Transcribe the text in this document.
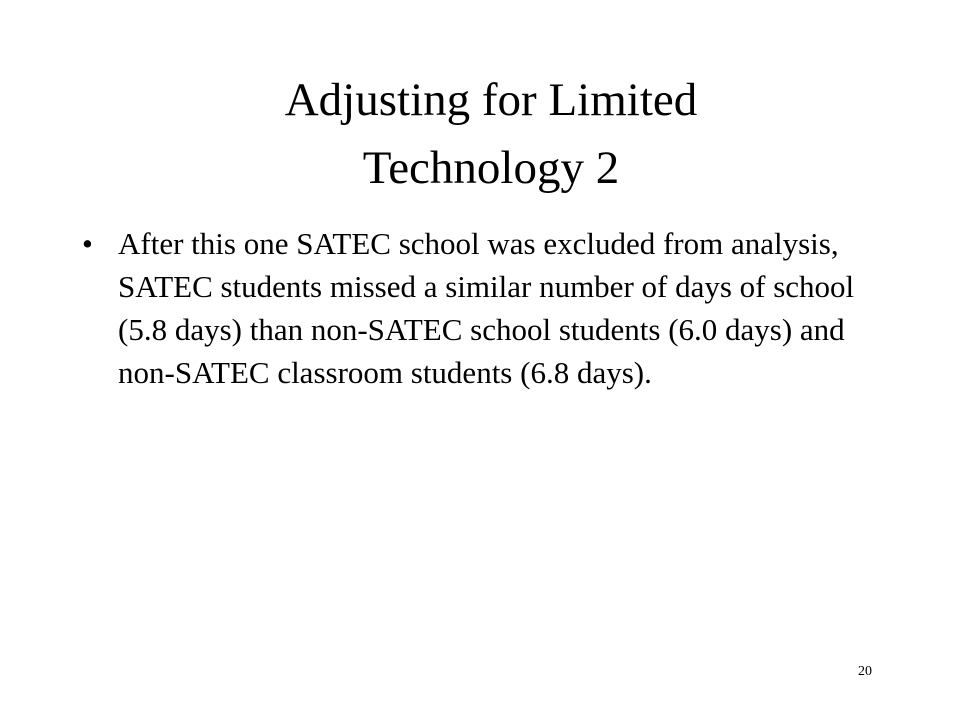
Adjusting for Limited
Technology 2
• After this one SATEC school was excluded from analysis, SATEC students missed a similar number of days of school (5.8 days) than non-SATEC school students (6.0 days) and non-SATEC classroom students (6.8 days).
20
